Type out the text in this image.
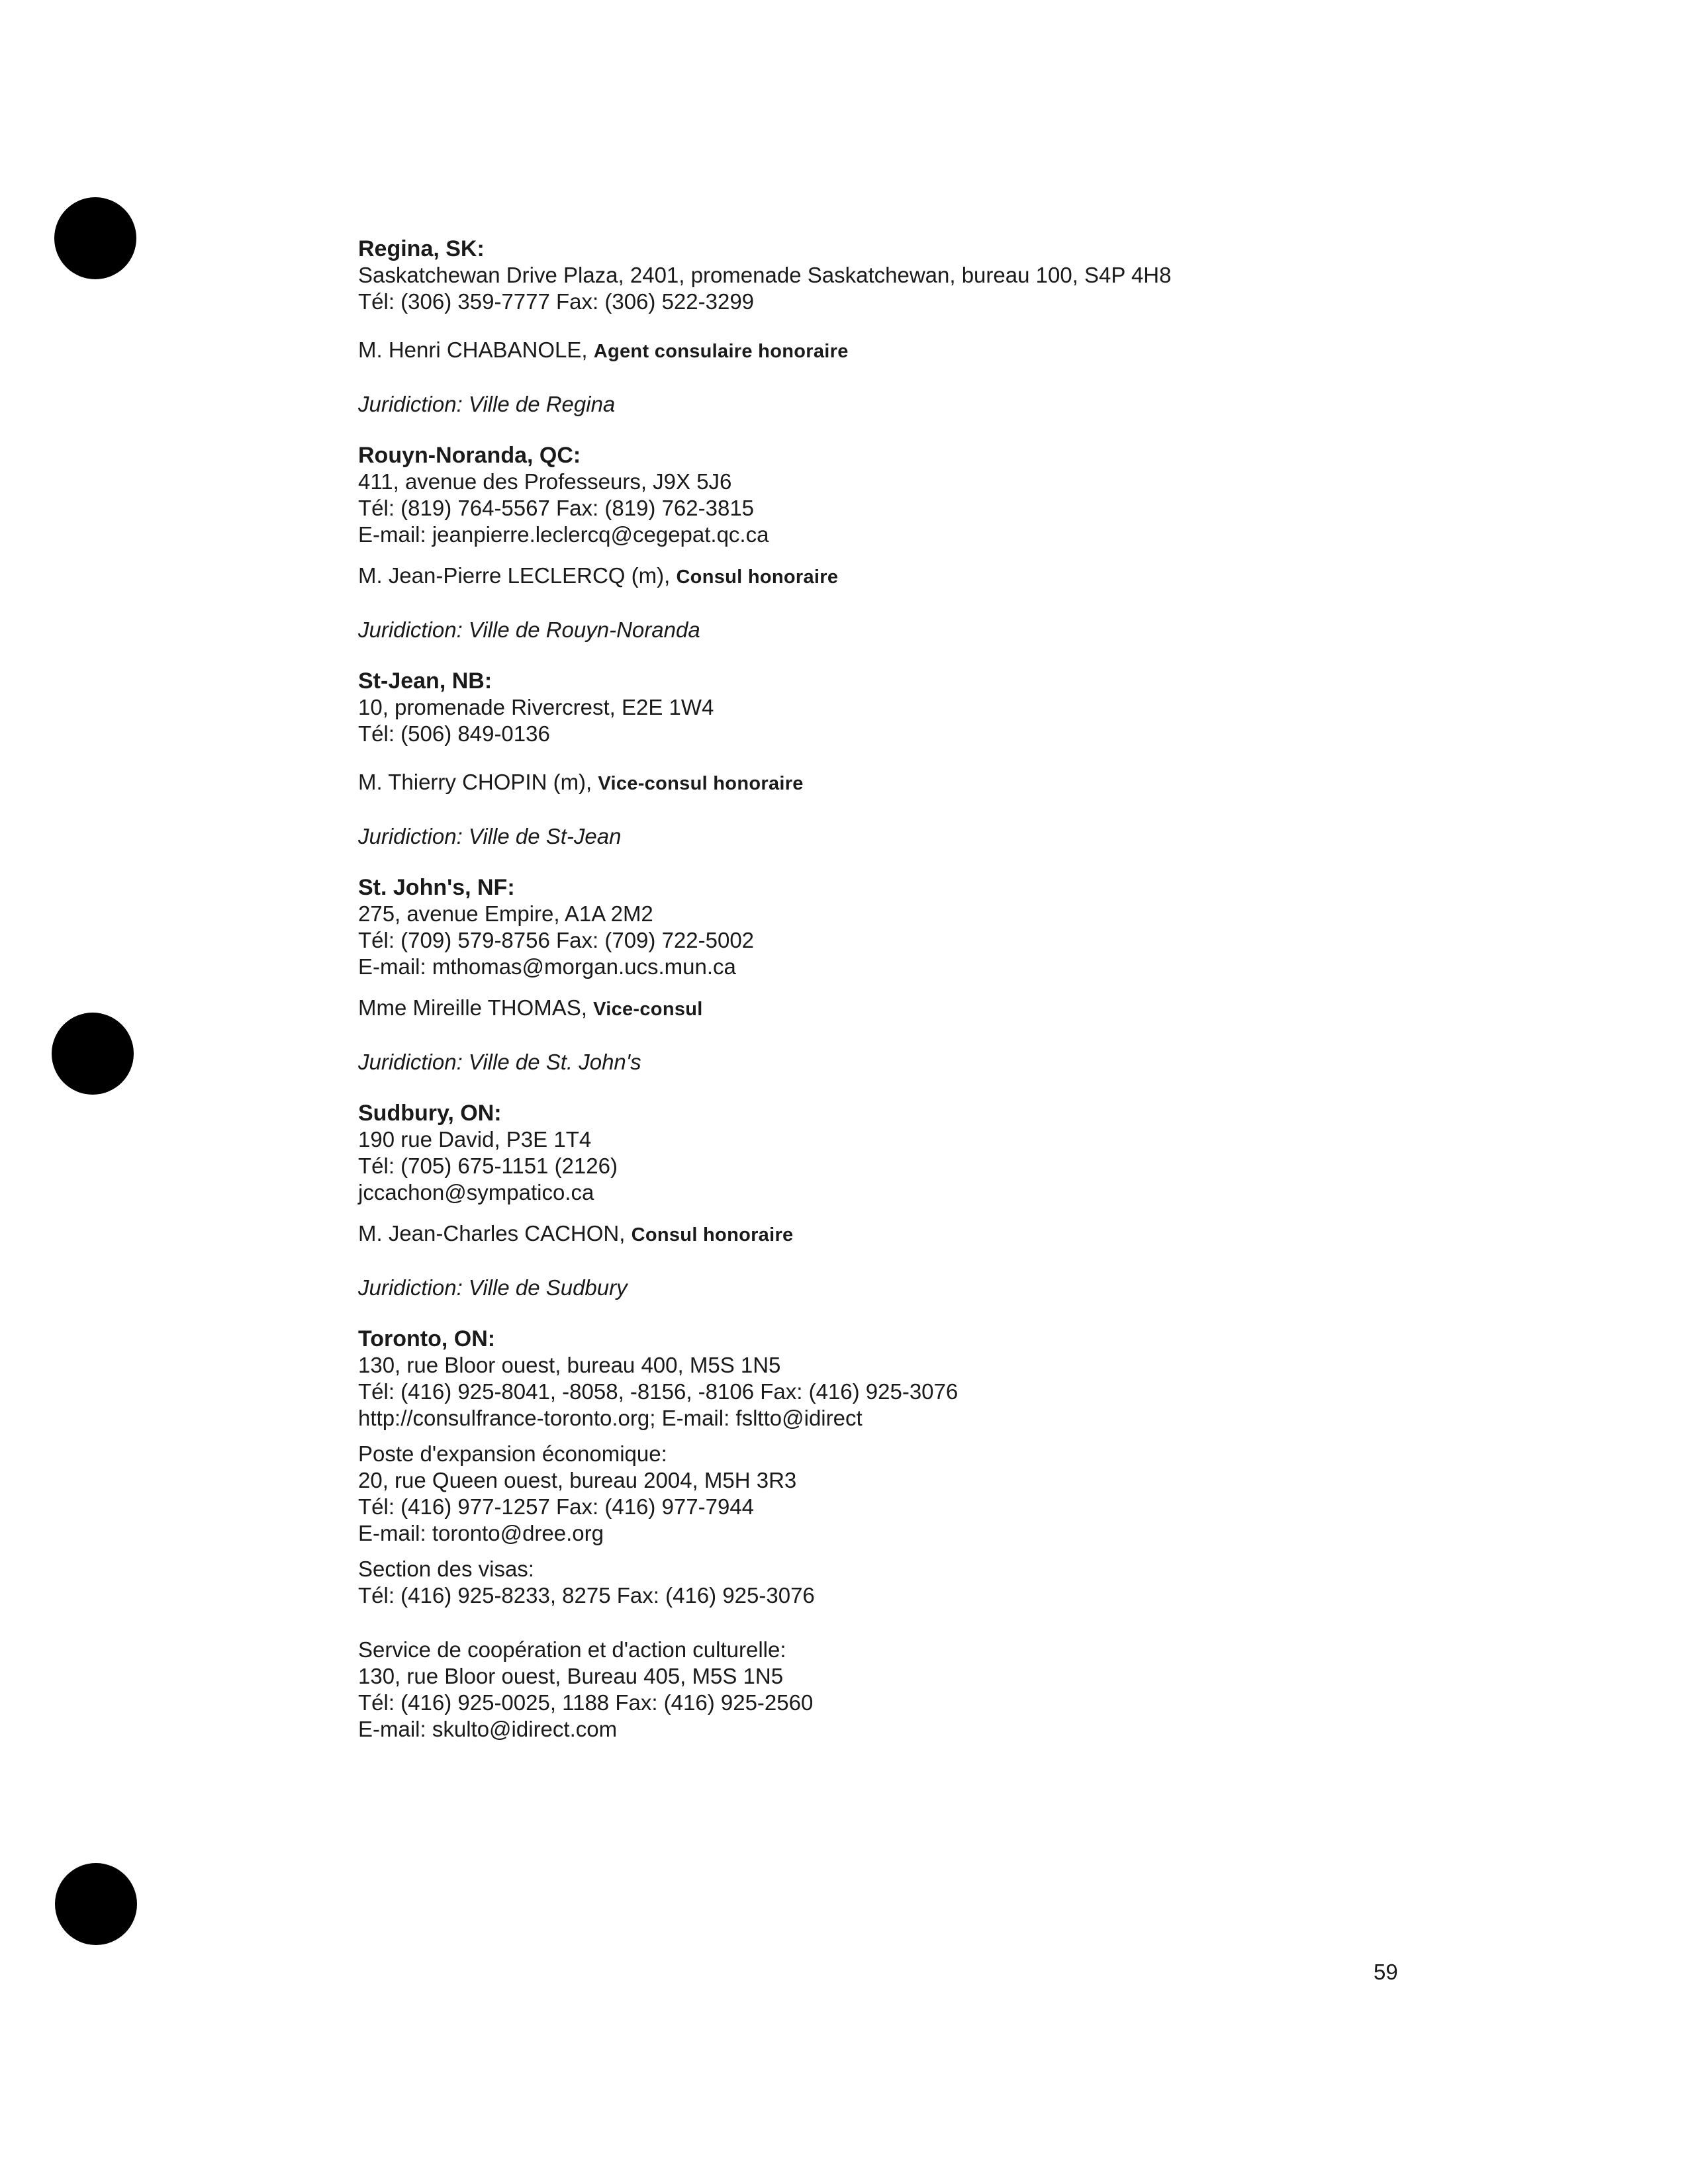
Regina, SK:
Saskatchewan Drive Plaza, 2401, promenade Saskatchewan, bureau 100, S4P 4H8
Tél: (306) 359-7777 Fax: (306) 522-3299
M. Henri CHABANOLE, Agent consulaire honoraire
Juridiction: Ville de Regina
Rouyn-Noranda, QC:
411, avenue des Professeurs, J9X 5J6
Tél: (819) 764-5567 Fax: (819) 762-3815
E-mail: jeanpierre.leclercq@cegepat.qc.ca
M. Jean-Pierre LECLERCQ (m), Consul honoraire
Juridiction: Ville de Rouyn-Noranda
St-Jean, NB:
10, promenade Rivercrest, E2E 1W4
Tél: (506) 849-0136
M. Thierry CHOPIN (m), Vice-consul honoraire
Juridiction: Ville de St-Jean
St. John's, NF:
275, avenue Empire, A1A 2M2
Tél: (709) 579-8756 Fax: (709) 722-5002
E-mail: mthomas@morgan.ucs.mun.ca
Mme Mireille THOMAS, Vice-consul
Juridiction: Ville de St. John's
Sudbury, ON:
190 rue David, P3E 1T4
Tél: (705) 675-1151 (2126)
jccachon@sympatico.ca
M. Jean-Charles CACHON, Consul honoraire
Juridiction: Ville de Sudbury
Toronto, ON:
130, rue Bloor ouest, bureau 400, M5S 1N5
Tél: (416) 925-8041, -8058, -8156, -8106 Fax: (416) 925-3076
http://consulfrance-toronto.org; E-mail: fsltto@idirect
Poste d'expansion économique:
20, rue Queen ouest, bureau 2004, M5H 3R3
Tél: (416) 977-1257 Fax: (416) 977-7944
E-mail: toronto@dree.org
Section des visas:
Tél: (416) 925-8233, 8275 Fax: (416) 925-3076
Service de coopération et d'action culturelle:
130, rue Bloor ouest, Bureau 405, M5S 1N5
Tél: (416) 925-0025, 1188 Fax: (416) 925-2560
E-mail: skulto@idirect.com
59
